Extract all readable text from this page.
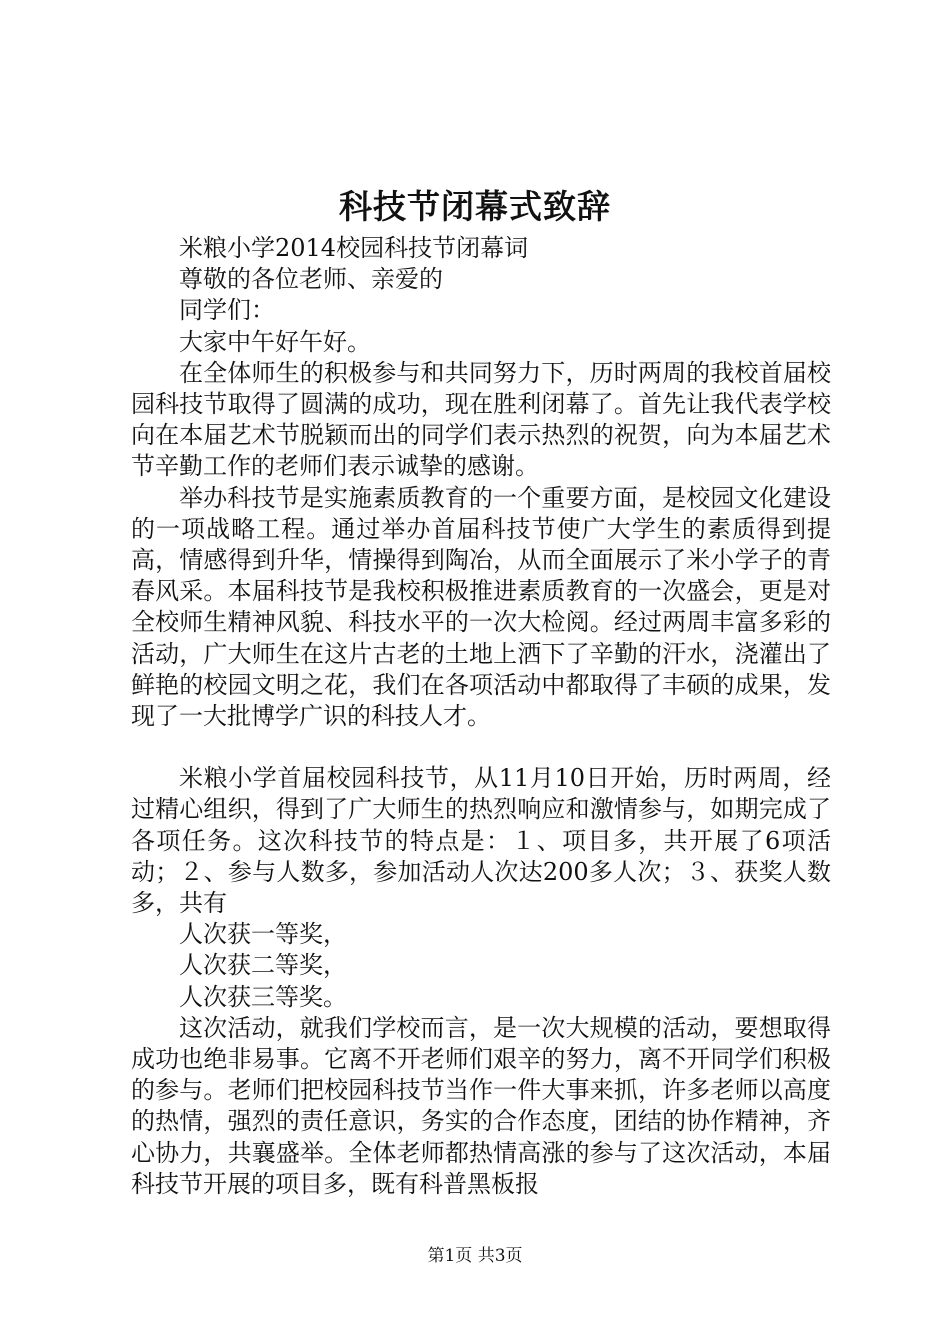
科技节闭幕式致辞

米粮小学2014校园科技节闭幕词

尊敬的各位老师、亲爱的

同学们：

大家中午好午好。

在全体师生的积极参与和共同努力下，历时两周的我校首届校园科技节取得了圆满的成功，现在胜利闭幕了。首先让我代表学校向在本届艺术节脱颖而出的同学们表示热烈的祝贺，向为本届艺术节辛勤工作的老师们表示诚挚的感谢。

举办科技节是实施素质教育的一个重要方面，是校园文化建设的一项战略工程。通过举办首届科技节使广大学生的素质得到提高，情感得到升华，情操得到陶冶，从而全面展示了米小学子的青春风采。本届科技节是我校积极推进素质教育的一次盛会，更是对全校师生精神风貌、科技水平的一次大检阅。经过两周丰富多彩的活动，广大师生在这片古老的土地上洒下了辛勤的汗水，浇灌出了鲜艳的校园文明之花，我们在各项活动中都取得了丰硕的成果，发现了一大批博学广识的科技人才。

米粮小学首届校园科技节，从11月10日开始，历时两周，经过精心组织，得到了广大师生的热烈响应和激情参与，如期完成了各项任务。这次科技节的特点是：１、项目多，共开展了6项活动；２、参与人数多，参加活动人次达200多人次；３、获奖人数多，共有

人次获一等奖，

人次获二等奖，

人次获三等奖。

这次活动，就我们学校而言，是一次大规模的活动，要想取得成功也绝非易事。它离不开老师们艰辛的努力，离不开同学们积极的参与。老师们把校园科技节当作一件大事来抓，许多老师以高度的热情，强烈的责任意识，务实的合作态度，团结的协作精神，齐心协力，共襄盛举。全体老师都热情高涨的参与了这次活动，本届科技节开展的项目多，既有科普黑板报

第1页 共3页
